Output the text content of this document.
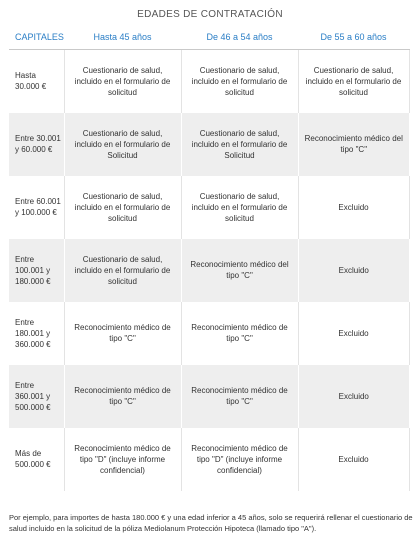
EDADES DE CONTRATACIÓN
CAPITALES	Hasta 45 años	De 46 a 54 años	De 55 a 60 años
Hasta 30.000 €	Cuestionario de salud, incluido en el formulario de solicitud	Cuestionario de salud, incluido en el formulario de solicitud	Cuestionario de salud, incluido en el formulario de solicitud
Entre 30.001 y 60.000 €	Cuestionario de salud, incluido en el formulario de Solicitud	Cuestionario de salud, incluido en el formulario de Solicitud	Reconocimiento médico del tipo "C"
Entre 60.001 y 100.000 €	Cuestionario de salud, incluido en el formulario de solicitud	Cuestionario de salud, incluido en el formulario de solicitud	Excluido
Entre 100.001 y 180.000 €	Cuestionario de salud, incluido en el formulario de solicitud	Reconocimiento médico del tipo "C"	Excluido
Entre 180.001 y 360.000 €	Reconocimiento médico de tipo "C"	Reconocimiento médico de tipo "C"	Excluido
Entre 360.001 y 500.000 €	Reconocimiento médico de tipo "C"	Reconocimiento médico de tipo "C"	Excluido
Más de 500.000 €	Reconocimiento médico de tipo "D" (incluye informe confidencial)	Reconocimiento médico de tipo "D" (incluye informe confidencial)	Excluido
Por ejemplo, para importes de hasta 180.000 € y una edad inferior a 45 años, solo se requerirá rellenar el cuestionario de salud incluido en la solicitud de la póliza Mediolanum Protección Hipoteca (llamado tipo "A").
